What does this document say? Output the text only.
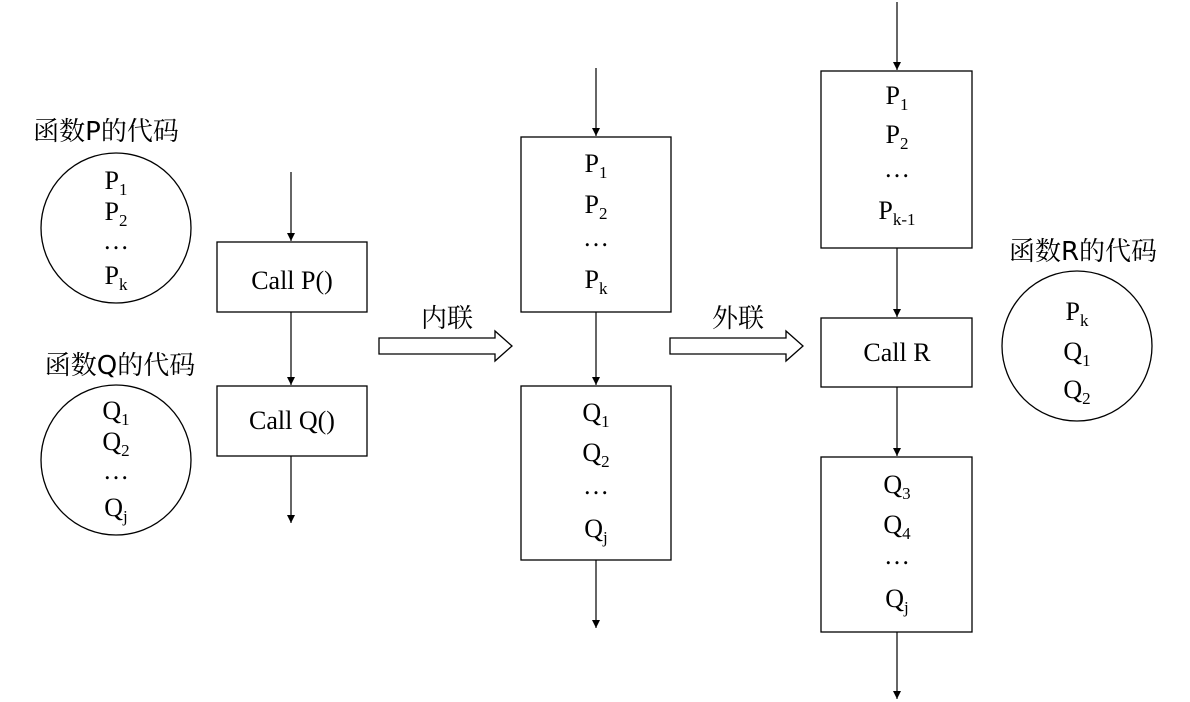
函数P的代码
$P_1$
$P_2$
…
$P_k$
函数Q的代码
$Q_1$
$Q_2$
…
$Q_j$
Call P()
Call Q()
内联	外联
$P_1$
$P_2$
…
$P_k$
$Q_1$
$Q_2$
…
$Q_j$
$P_1$
$P_2$
…
$P_{k-1}$
Call R
$Q_3$
$Q_4$
…
$Q_j$
函数R的代码
$P_k$
$Q_1$
$Q_2$
